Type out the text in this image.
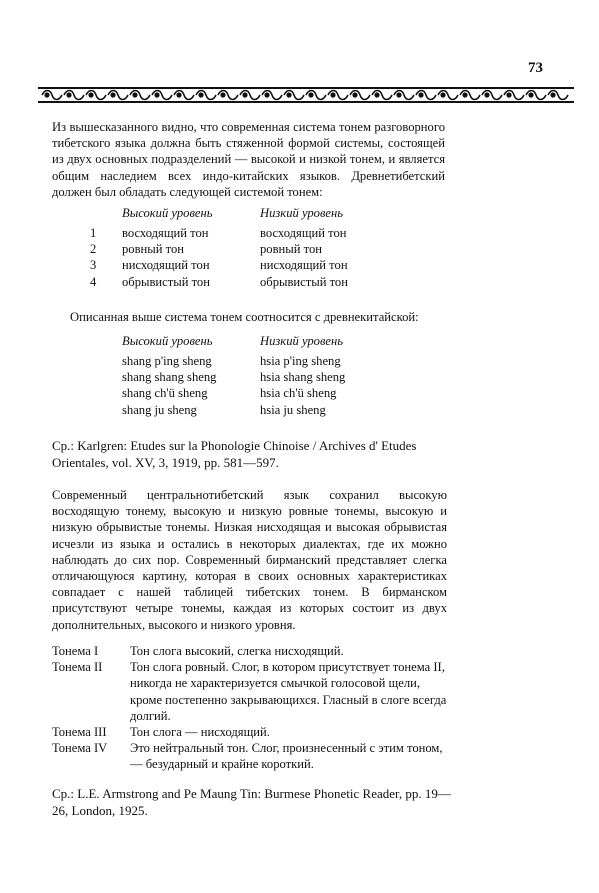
73
Из вышесказанного видно, что современная система тонем разговорного тибетского языка должна быть стяженной формой системы, состоящей из двух основных подразделений — высокой и низкой тонем, и является общим наследием всех индо-китайских языков. Древнетибетский должен был обладать следующей системой тонем:
Высокий уровень	Низкий уровень
1	восходящий тон	восходящий тон
2	ровный тон	ровный тон
3	нисходящий тон	нисходящий тон
4	обрывистый тон	обрывистый тон
Описанная выше система тонем соотносится с древнекитайской:
Высокий уровень	Низкий уровень
shang p'ing sheng	hsia p'ing sheng
shang shang sheng	hsia shang sheng
shang ch'ü sheng	hsia ch'ü sheng
shang ju sheng	hsia ju sheng
Ср.: Karlgren: Etudes sur la Phonologie Chinoise / Archives d' Etudes Orientales, vol. XV, 3, 1919, рр. 581—597.
Современный центральнотибетский язык сохранил высокую восходящую тонему, высокую и низкую ровные тонемы, высокую и низкую обрывистые тонемы. Низкая нисходящая и высокая обрывистая исчезли из языка и остались в некоторых диалектах, где их можно наблюдать до сих пор. Современный бирманский представляет слегка отличающуюся картину, которая в своих основных характеристиках совпадает с нашей таблицей тибетских тонем. В бирманском присутствуют четыре тонемы, каждая из которых состоит из двух дополнительных, высокого и низкого уровня.
Тонема I	Тон слога высокий, слегка нисходящий.
Тонема II	Тон слога ровный. Слог, в котором присутствует тонема II, никогда не характеризуется смычкой голосовой щели, кроме постепенно закрывающихся. Гласный в слоге всегда долгий.
Тонема III	Тон слога — нисходящий.
Тонема IV	Это нейтральный тон. Слог, произнесенный с этим тоном, — безударный и крайне короткий.
Ср.: L.E. Armstrong and Pe Maung Tin: Burmese Phonetic Reader, рр. 19—26, London, 1925.
